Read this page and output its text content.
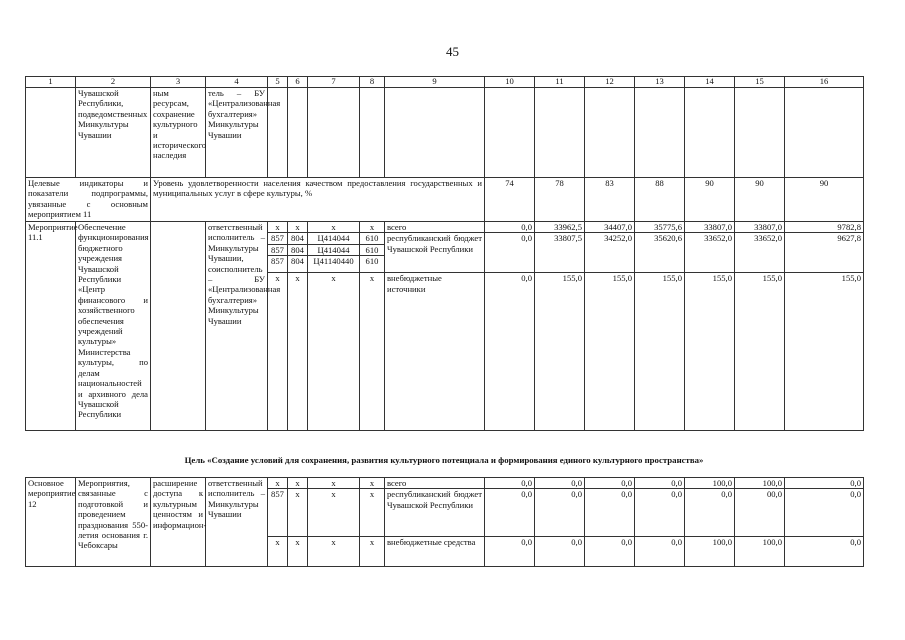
45
1	2	3	4	5	6	7	8	9	10	11	12	13	14	15	16
	Чувашской Республики, подведомственных Минкультуры Чувашии	ным ресурсам, сохранение культурного и исторического наследия	тель – БУ «Централизованная бухгалтерия» Минкультуры Чувашии												
Целевые индикаторы и показатели подпрограммы, увязанные с основным мероприятием 11		Уровень удовлетворенности населения качеством предоставления государственных и муниципальных услуг в сфере культуры, %							74	78	83	88	90	90	90
Мероприятие 11.1	Обеспечение функционирования бюджетного учреждения Чувашской Республики «Центр финансового и хозяйственного обеспечения учреждений культуры» Министерства культуры, по делам национальностей и архивного дела Чувашской Республики		ответственный исполнитель – Минкультуры Чувашии, соисполнитель – БУ «Централизованная бухгалтерия» Минкультуры Чувашии	x	x	x	x	всего	0,0	33962,5	34407,0	35775,6	33807,0	33807,0	9782,8
				857	804	Ц414044	610	республиканский бюджет Чувашской Республики	0,0	33807,5	34252,0	35620,6	33652,0	33652,0	9627,8
				857	804	Ц414044	610								
				857	804	Ц41140440	610								
				x	x	x	x	внебюджетные источники	0,0	155,0	155,0	155,0	155,0	155,0	155,0
Цель «Создание условий для сохранения, развития культурного потенциала и формирования единого культурного пространства»
Основное мероприятие 12	Мероприятия, связанные с подготовкой и проведением празднования 550-летия основания г. Чебоксары	расширение доступа к культурным ценностям и информацион-	ответственный исполнитель – Минкультуры Чувашии	x	x	x	x	всего	0,0	0,0	0,0	0,0	100,0	100,0	0,0
				857	x	x	x	республиканский бюджет Чувашской Республики	0,0	0,0	0,0	0,0	0,0	00,0	0,0
				x	x	x	x	внебюджетные средства	0,0	0,0	0,0	0,0	100,0	100,0	0,0
